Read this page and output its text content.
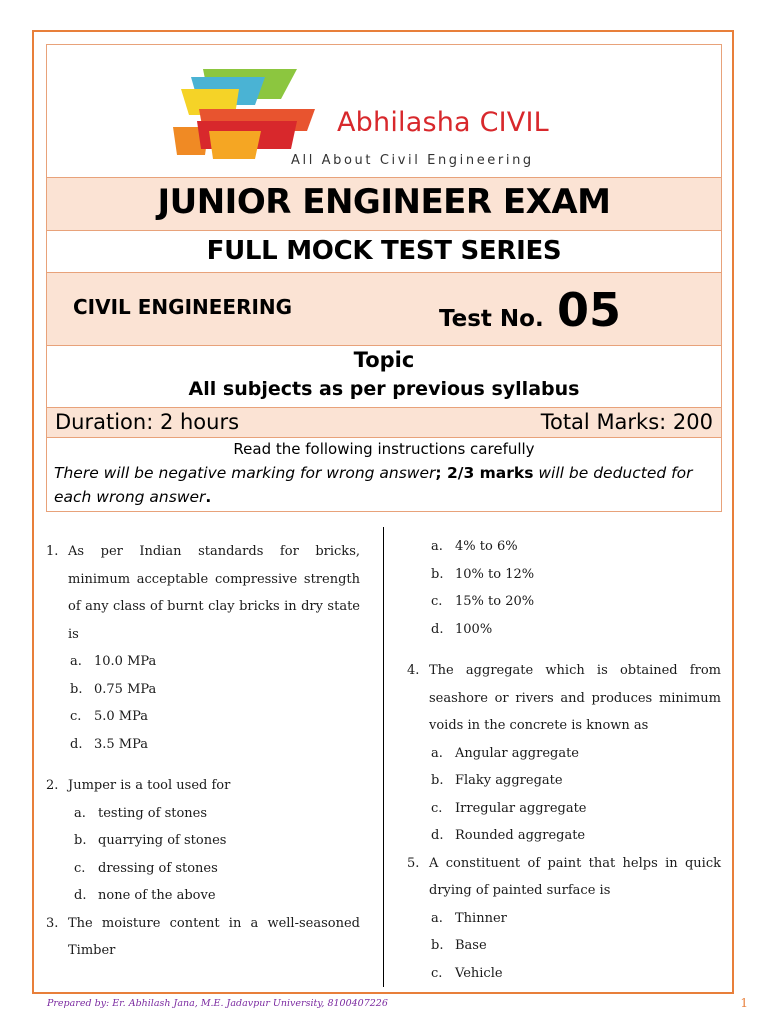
Abhilasha CIVIL
All About Civil Engineering
JUNIOR ENGINEER EXAM
FULL MOCK TEST SERIES
CIVIL ENGINEERING	Test No. 05
Topic
All subjects as per previous syllabus
Duration: 2 hours	Total Marks: 200
Read the following instructions carefully
There will be negative marking for wrong answer; 2/3 marks will be deducted for each wrong answer.
1. As per Indian standards for bricks, minimum acceptable compressive strength of any class of burnt clay bricks in dry state is
a. 10.0 MPa
b. 0.75 MPa
c. 5.0 MPa
d. 3.5 MPa
2. Jumper is a tool used for
a. testing of stones
b. quarrying of stones
c. dressing of stones
d. none of the above
3. The moisture content in a well-seasoned Timber
a. 4% to 6%
b. 10% to 12%
c. 15% to 20%
d. 100%
4. The aggregate which is obtained from seashore or rivers and produces minimum voids in the concrete is known as
a. Angular aggregate
b. Flaky aggregate
c. Irregular aggregate
d. Rounded aggregate
5. A constituent of paint that helps in quick drying of painted surface is
a. Thinner
b. Base
c. Vehicle
Prepared by: Er. Abhilash Jana, M.E. Jadavpur University, 8100407226	1
